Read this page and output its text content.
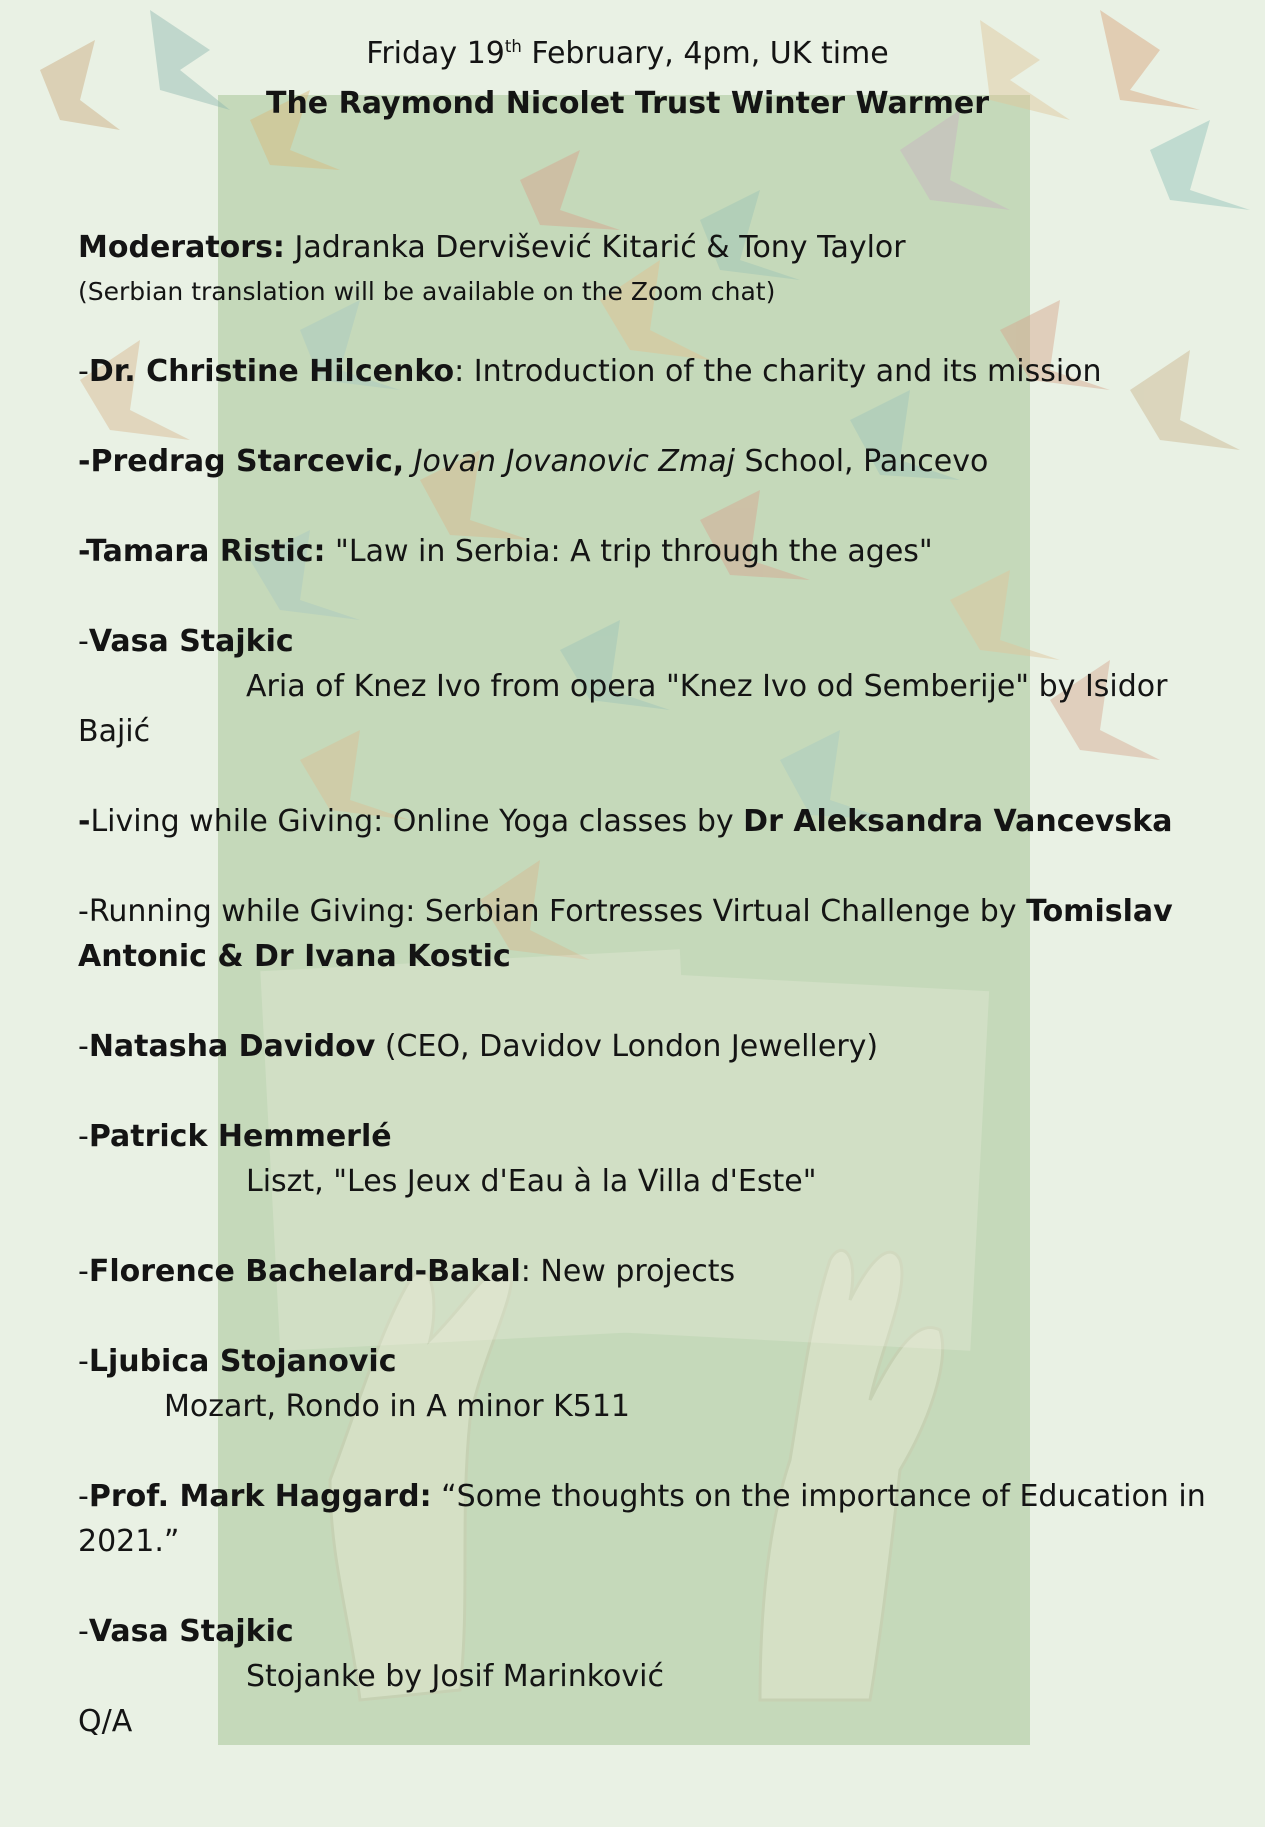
Friday 19th February, 4pm, UK time
The Raymond Nicolet Trust Winter Warmer
Moderators: Jadranka Dervišević Kitarić & Tony Taylor
(Serbian translation will be available on the Zoom chat)
-Dr. Christine Hilcenko: Introduction of the charity and its mission
-Predrag Starcevic, Jovan Jovanovic Zmaj School, Pancevo
-Tamara Ristic: "Law in Serbia: A trip through the ages"
-Vasa Stajkic
Aria of Knez Ivo from opera "Knez Ivo od Semberije" by Isidor
Bajić
-Living while Giving: Online Yoga classes by Dr Aleksandra Vancevska
-Running while Giving: Serbian Fortresses Virtual Challenge by Tomislav
Antonic & Dr Ivana Kostic
-Natasha Davidov (CEO, Davidov London Jewellery)
-Patrick Hemmerlé
Liszt, "Les Jeux d'Eau à la Villa d'Este"
-Florence Bachelard-Bakal: New projects
-Ljubica Stojanovic
Mozart, Rondo in A minor K511
-Prof. Mark Haggard: “Some thoughts on the importance of Education in
2021.”
-Vasa Stajkic
Stojanke by Josif Marinković
Q/A
